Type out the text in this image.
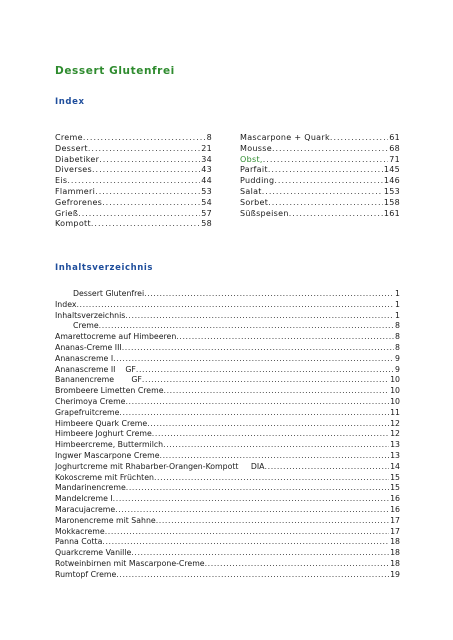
Dessert Glutenfrei
Index
Creme .....	8
Dessert .....	21
Diabetiker .....	34
Diverses .....	43
Eis .....	44
Flammeri .....	53
Gefrorenes .....	54
Grieß .....	57
Kompott .....	58
Mascarpone + Quark .....	61
Mousse .....	68
Obst, .....	71
Parfait .....	145
Pudding .....	146
Salat .....	153
Sorbet .....	158
Süßspeisen .....	161
Inhaltsverzeichnis
Dessert Glutenfrei .....	1
Index .....	1
Inhaltsverzeichnis .....	1
Creme .....	8
Amarettocreme auf Himbeeren .....	8
Ananas-Creme III .....	8
Ananascreme I .....	9
Ananascreme II    GF .....	9
Bananencreme       GF .....	10
Brombeere Limetten Creme .....	10
Cherimoya Creme .....	10
Grapefruitcreme .....	11
Himbeere Quark Creme .....	12
Himbeere Joghurt Creme .....	12
Himbeercreme, Buttermilch .....	13
Ingwer Mascarpone Creme .....	13
Joghurtcreme mit Rhabarber-Orangen-Kompott     DIA .....	14
Kokoscreme mit Früchten .....	15
Mandarinencreme .....	15
Mandelcreme I .....	16
Maracujacreme .....	16
Maronencreme mit Sahne .....	17
Mokkacreme .....	17
Panna Cotta .....	18
Quarkcreme Vanille .....	18
Rotweinbirnen mit Mascarpone-Creme .....	18
Rumtopf Creme .....	19
